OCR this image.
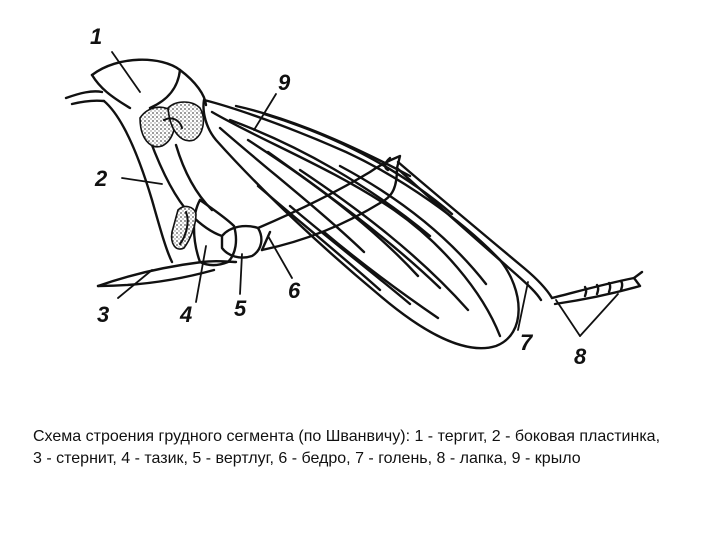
1
2
3	4 5
6
7
8
9
Схема строения грудного сегмента (по Шванвичу): 1 - тергит, 2 - боковая пластинка, 3 - стернит, 4 - тазик, 5 - вертлуг, 6 - бедро, 7 - голень, 8 - лапка, 9 - крыло
